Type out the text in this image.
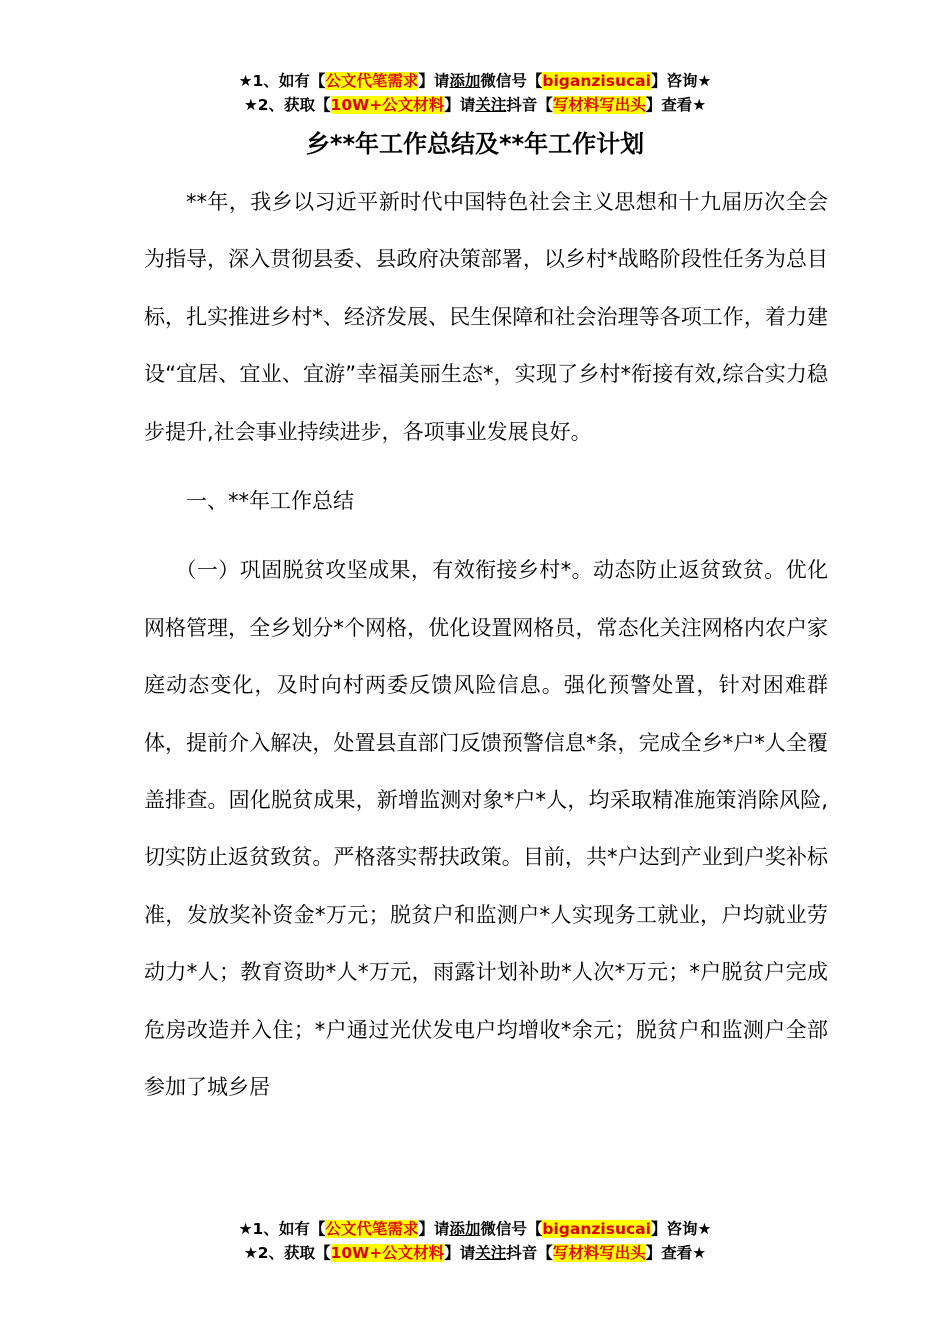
★1、如有【公文代笔需求】请添加微信号【biganzisucai】咨询★
★2、获取【10W+公文材料】请关注抖音【写材料写出头】查看★
乡**年工作总结及**年工作计划

**年，我乡以习近平新时代中国特色社会主义思想和十九届历次全会为指导，深入贯彻县委、县政府决策部署，以乡村*战略阶段性任务为总目标，扎实推进乡村*、经济发展、民生保障和社会治理等各项工作，着力建设“宜居、宜业、宜游”幸福美丽生态*，实现了乡村*衔接有效,综合实力稳步提升,社会事业持续进步，各项事业发展良好。

一、**年工作总结

（一）巩固脱贫攻坚成果，有效衔接乡村*。动态防止返贫致贫。优化网格管理，全乡划分*个网格，优化设置网格员，常态化关注网格内农户家庭动态变化，及时向村两委反馈风险信息。强化预警处置，针对困难群体，提前介入解决，处置县直部门反馈预警信息*条，完成全乡*户*人全覆盖排查。固化脱贫成果，新增监测对象*户*人，均采取精准施策消除风险,切实防止返贫致贫。严格落实帮扶政策。目前，共*户达到产业到户奖补标准，发放奖补资金*万元；脱贫户和监测户*人实现务工就业，户均就业劳动力*人；教育资助*人*万元，雨露计划补助*人次*万元；*户脱贫户完成危房改造并入住；*户通过光伏发电户均增收*余元；脱贫户和监测户全部参加了城乡居

★1、如有【公文代笔需求】请添加微信号【biganzisucai】咨询★
★2、获取【10W+公文材料】请关注抖音【写材料写出头】查看★
